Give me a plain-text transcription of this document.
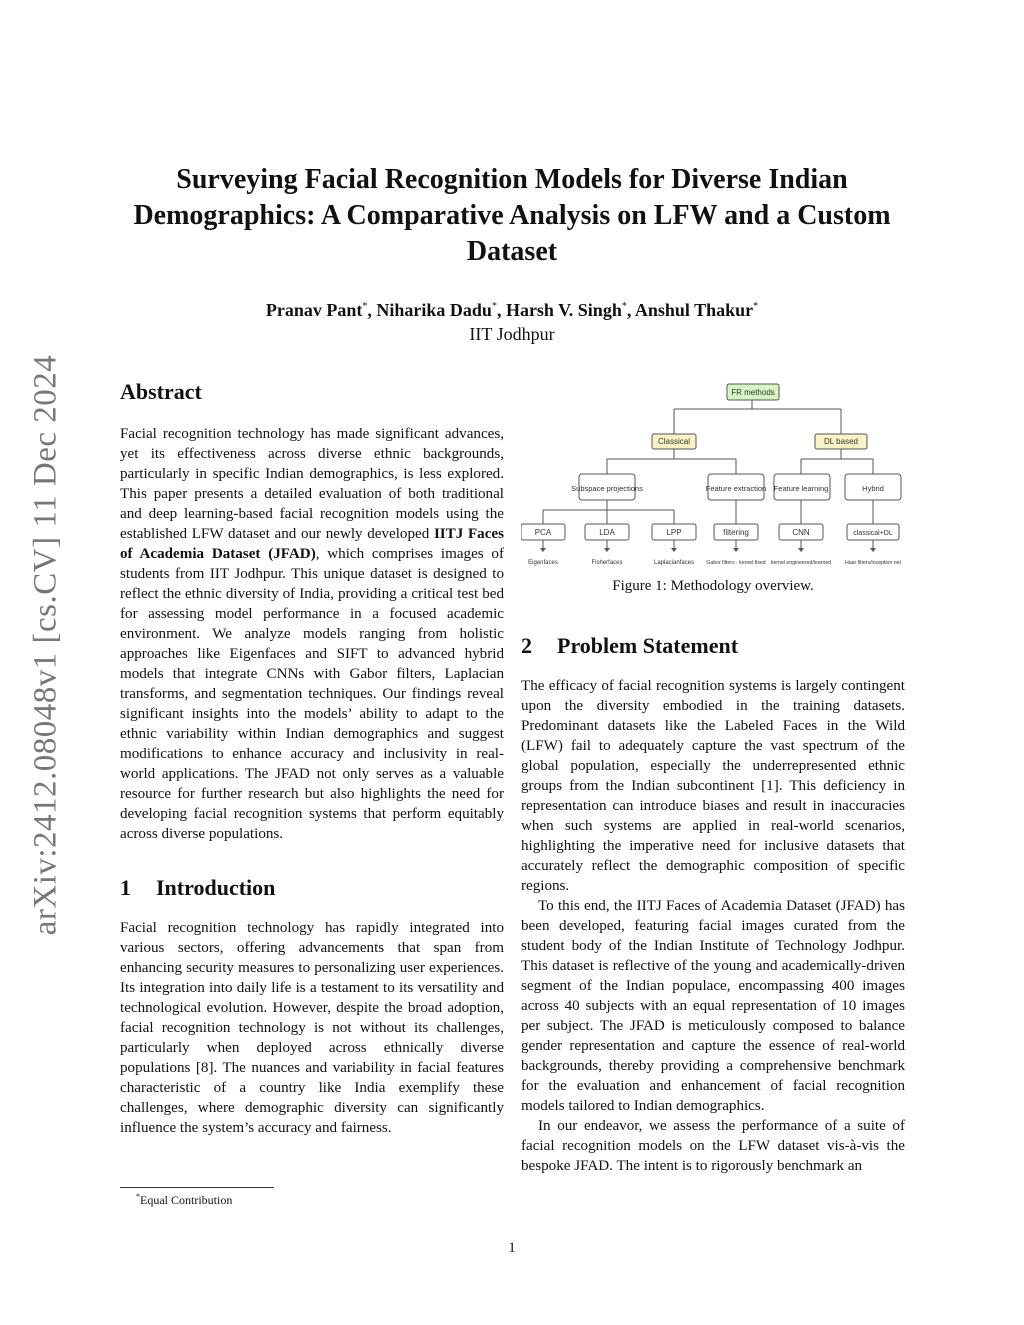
arXiv:2412.08048v1 [cs.CV] 11 Dec 2024
Surveying Facial Recognition Models for Diverse Indian Demographics: A Comparative Analysis on LFW and a Custom Dataset
Pranav Pant*, Niharika Dadu*, Harsh V. Singh*, Anshul Thakur*
IIT Jodhpur
Abstract

Facial recognition technology has made significant advances, yet its effectiveness across diverse ethnic backgrounds, particularly in specific Indian demographics, is less explored. This paper presents a detailed evaluation of both traditional and deep learning-based facial recognition models using the established LFW dataset and our newly developed IITJ Faces of Academia Dataset (JFAD), which comprises images of students from IIT Jodhpur. This unique dataset is designed to reflect the ethnic diversity of India, providing a critical test bed for assessing model performance in a focused academic environment. We analyze models ranging from holistic approaches like Eigenfaces and SIFT to advanced hybrid models that integrate CNNs with Gabor filters, Laplacian transforms, and segmentation techniques. Our findings reveal significant insights into the models’ ability to adapt to the ethnic variability within Indian demographics and suggest modifications to enhance accuracy and inclusivity in real-world applications. The JFAD not only serves as a valuable resource for further research but also highlights the need for developing facial recognition systems that perform equitably across diverse populations.

1 Introduction

Facial recognition technology has rapidly integrated into various sectors, offering advancements that span from enhancing security measures to personalizing user experiences. Its integration into daily life is a testament to its versatility and technological evolution. However, despite the broad adoption, facial recognition technology is not without its challenges, particularly when deployed across ethnically diverse populations [8]. The nuances and variability in facial features characteristic of a country like India exemplify these challenges, where demographic diversity can significantly influence the system’s accuracy and fairness.

*Equal Contribution
FR methods
Classical	DL based
Subspace projections	Feature extraction Feature learning	Hybrid
PCA	LDA	LPP	filtering	CNN	classical+DL
Eigenfaces	Fisherfaces	Laplacianfaces Gabor filters - kernel fixed kernel engineered/learned	Haar filters/inception net
Figure 1: Methodology overview.
2 Problem Statement

The efficacy of facial recognition systems is largely contingent upon the diversity embodied in the training datasets. Predominant datasets like the Labeled Faces in the Wild (LFW) fail to adequately capture the vast spectrum of the global population, especially the underrepresented ethnic groups from the Indian subcontinent [1]. This deficiency in representation can introduce biases and result in inaccuracies when such systems are applied in real-world scenarios, highlighting the imperative need for inclusive datasets that accurately reflect the demographic composition of specific regions.

To this end, the IITJ Faces of Academia Dataset (JFAD) has been developed, featuring facial images curated from the student body of the Indian Institute of Technology Jodhpur. This dataset is reflective of the young and academically-driven segment of the Indian populace, encompassing 400 images across 40 subjects with an equal representation of 10 images per subject. The JFAD is meticulously composed to balance gender representation and capture the essence of real-world backgrounds, thereby providing a comprehensive benchmark for the evaluation and enhancement of facial recognition models tailored to Indian demographics.

In our endeavor, we assess the performance of a suite of facial recognition models on the LFW dataset vis-à-vis the bespoke JFAD. The intent is to rigorously benchmark an

1
